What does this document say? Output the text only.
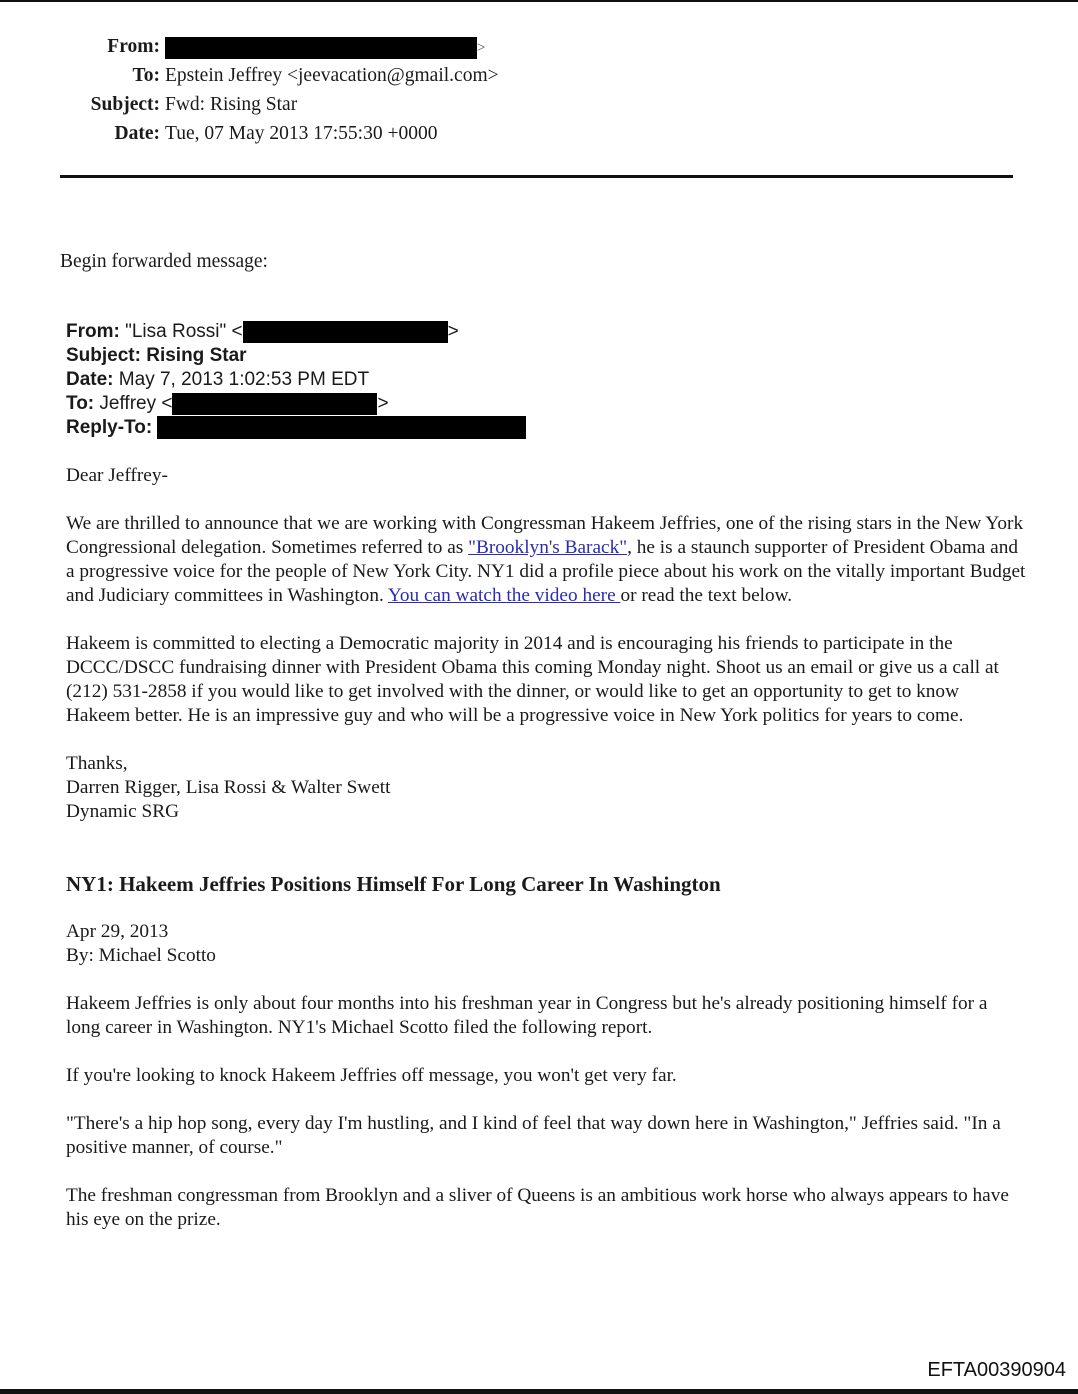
From:	>
To: Epstein Jeffrey <jeevacation@gmail.com>
Subject: Fwd: Rising Star
Date: Tue, 07 May 2013 17:55:30 +0000
Begin forwarded message:
From: "Lisa Rossi" <	>
Subject: Rising Star
Date: May 7, 2013 1:02:53 PM EDT
To: Jeffrey <	>
Reply-To:

Dear Jeffrey-

We are thrilled to announce that we are working with Congressman Hakeem Jeffries, one of the rising stars in the New York Congressional delegation. Sometimes referred to as "Brooklyn's Barack", he is a staunch supporter of President Obama and a progressive voice for the people of New York City. NY1 did a profile piece about his work on the vitally important Budget and Judiciary committees in Washington. You can watch the video here or read the text below.

Hakeem is committed to electing a Democratic majority in 2014 and is encouraging his friends to participate in the DCCC/DSCC fundraising dinner with President Obama this coming Monday night. Shoot us an email or give us a call at (212) 531-2858 if you would like to get involved with the dinner, or would like to get an opportunity to get to know Hakeem better. He is an impressive guy and who will be a progressive voice in New York politics for years to come.

Thanks,
Darren Rigger, Lisa Rossi & Walter Swett
Dynamic SRG

NY1: Hakeem Jeffries Positions Himself For Long Career In Washington

Apr 29, 2013
By: Michael Scotto

Hakeem Jeffries is only about four months into his freshman year in Congress but he's already positioning himself for a long career in Washington. NY1's Michael Scotto filed the following report.

If you're looking to knock Hakeem Jeffries off message, you won't get very far.

"There's a hip hop song, every day I'm hustling, and I kind of feel that way down here in Washington," Jeffries said. "In a positive manner, of course."

The freshman congressman from Brooklyn and a sliver of Queens is an ambitious work horse who always appears to have his eye on the prize.

EFTA00390904
